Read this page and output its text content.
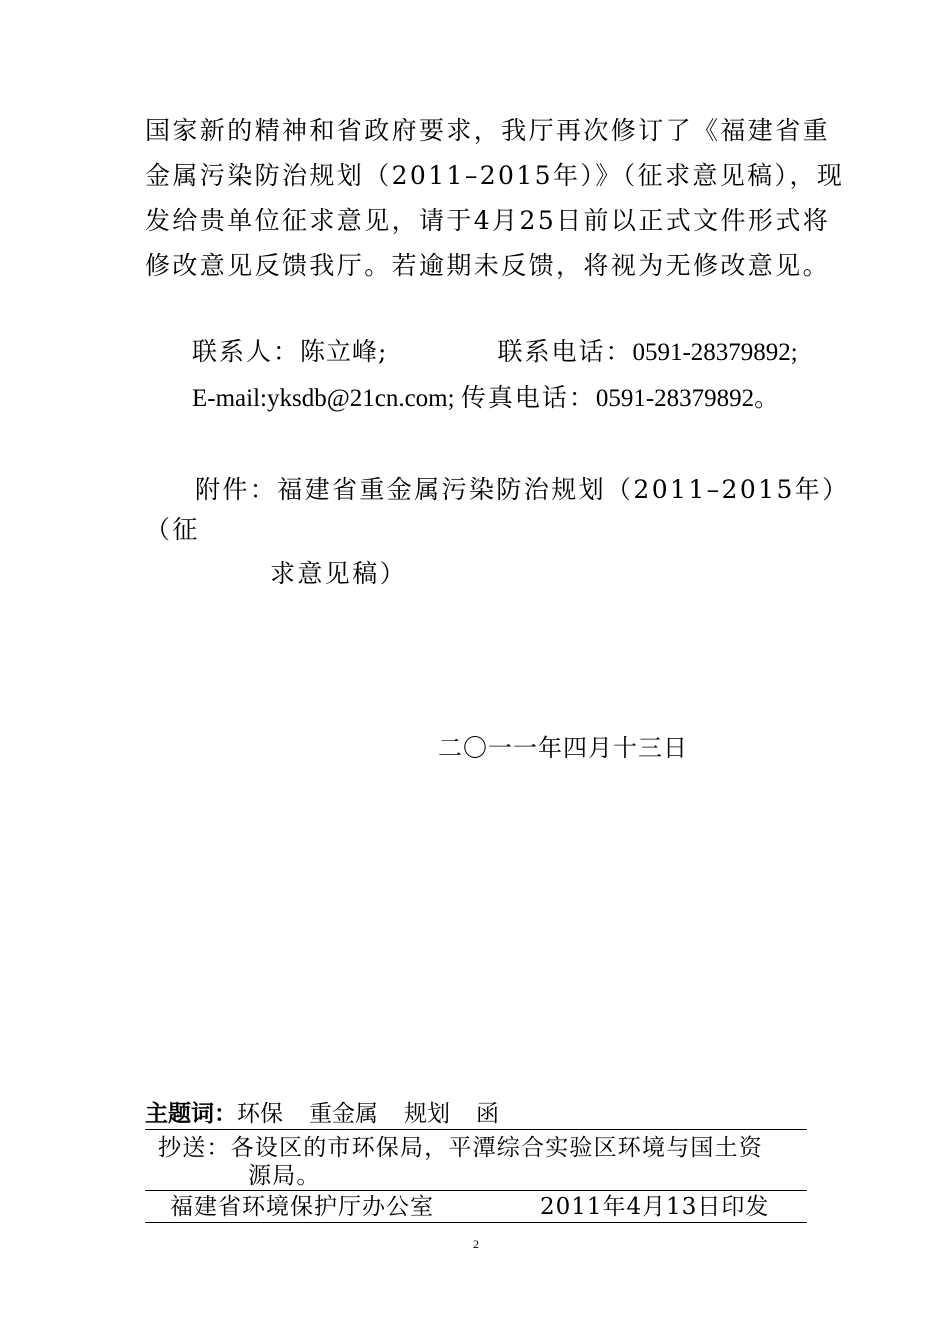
国家新的精神和省政府要求，我厅再次修订了《福建省重
金属污染防治规划（2011–2015年）》（征求意见稿），现
发给贵单位征求意见，请于4月25日前以正式文件形式将
修改意见反馈我厅。若逾期未反馈，将视为无修改意见。
联系人：陈立峰;	联系电话：0591-28379892;
E-mail:yksdb@21cn.com; 传真电话：0591-28379892。
附件：福建省重金属污染防治规划（2011–2015年）
（征
求意见稿）
二〇一一年四月十三日
主题词：环保 重金属 规划 函
抄送：各设区的市环保局，平潭综合实验区环境与国土资
源局。
福建省环境保护厅办公室	2011年4月13日印发
2
